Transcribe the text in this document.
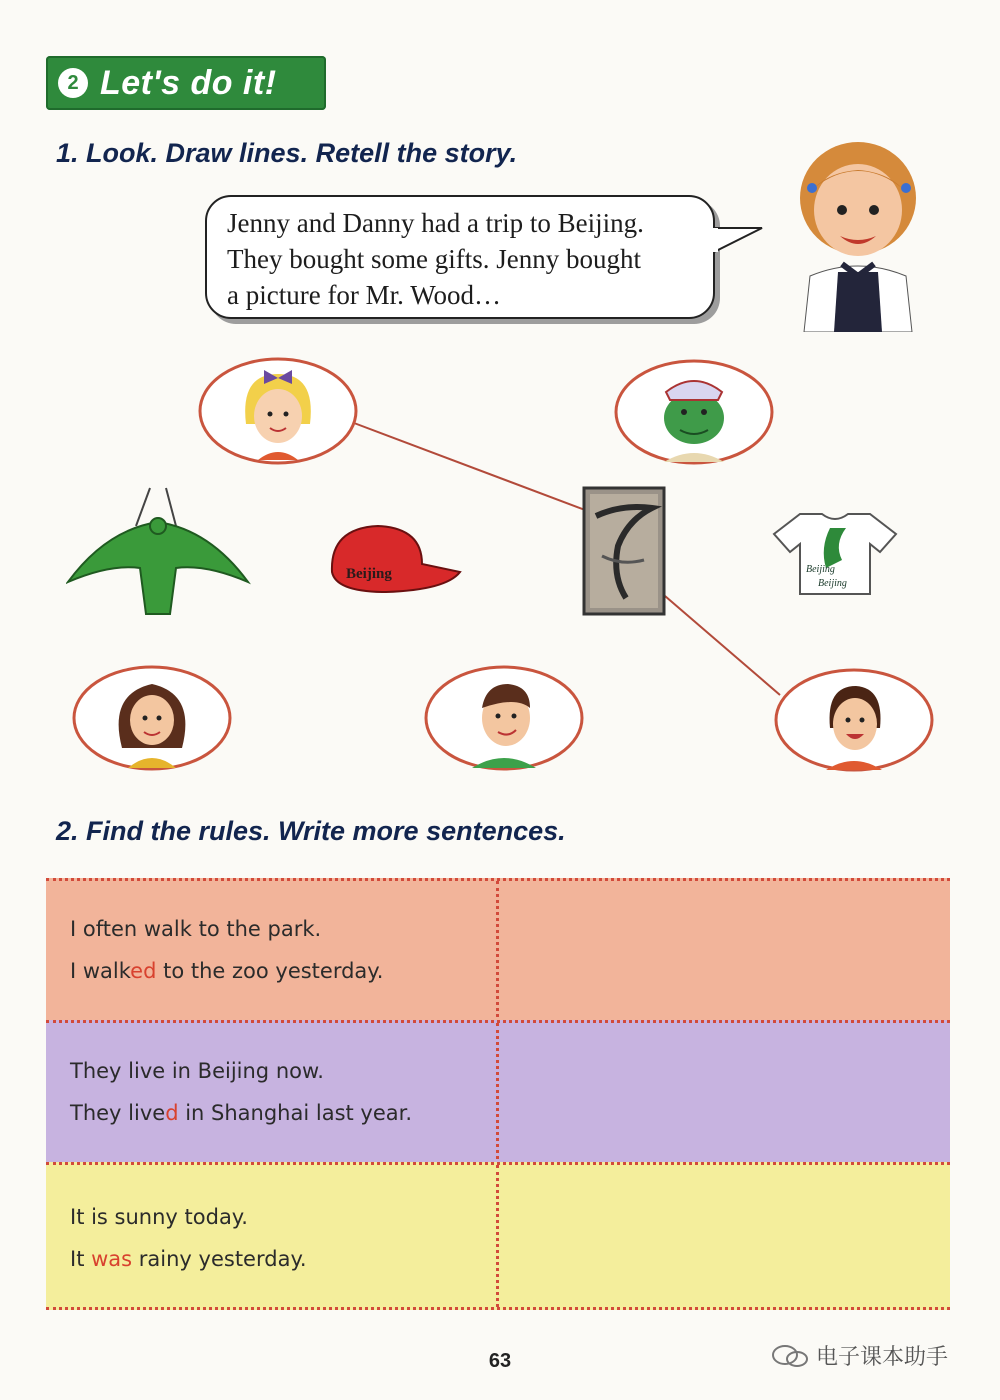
2 Let's do it!
1. Look. Draw lines. Retell the story.
Jenny and Danny had a trip to Beijing.
They bought some gifts. Jenny bought
a picture for Mr. Wood…
Beijing	Beijing
Beijing
2. Find the rules. Write more sentences.
I often walk to the park.
I walked to the zoo yesterday.
They live in Beijing now.
They lived in Shanghai last year.
It is sunny today.
It was rainy yesterday.
63	电子课本助手
